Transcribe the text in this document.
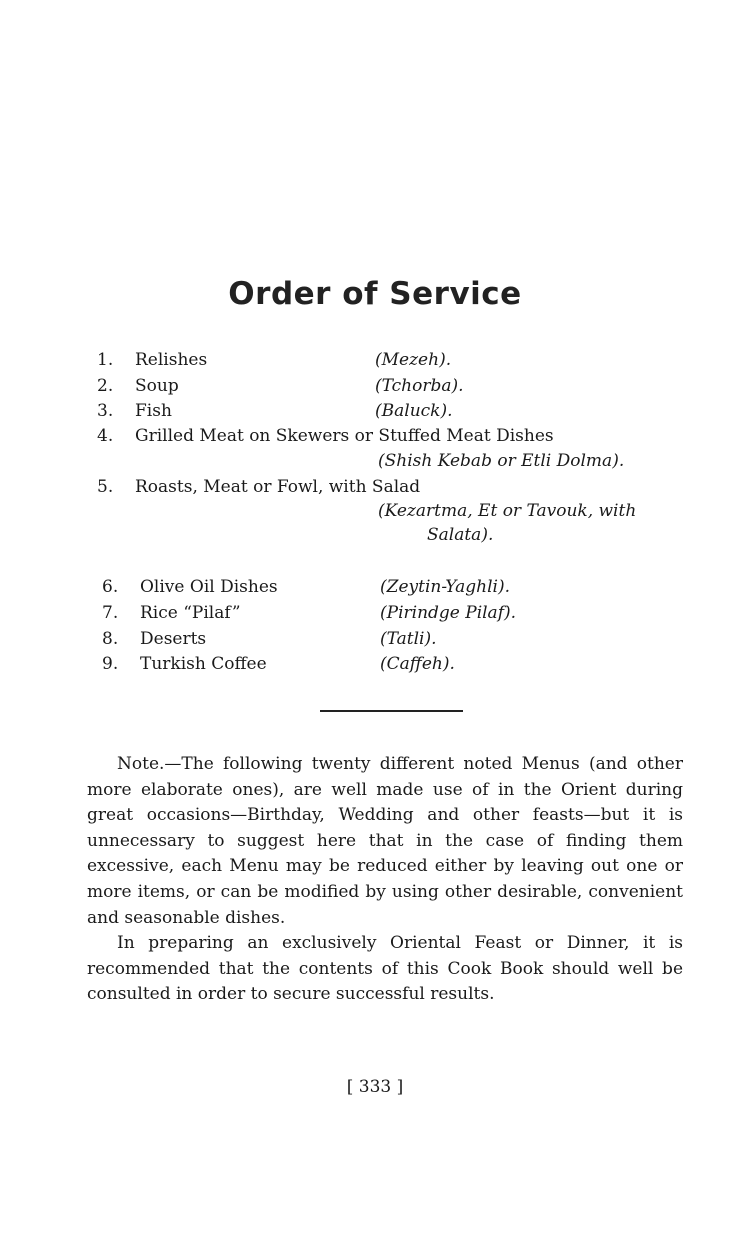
Order of Service
1.	Relishes	(Mezeh).
2.	Soup	(Tchorba).
3.	Fish	(Baluck).
4.	Grilled Meat on Skewers or Stuffed Meat Dishes
(Shish Kebab or Etli Dolma).
5.	Roasts, Meat or Fowl, with Salad
(Kezartma, Et or Tavouk, with
Salata).
6.	Olive Oil Dishes	(Zeytin-Yaghli).
7.	Rice “Pilaf”	(Pirindge Pilaf).
8.	Deserts	(Tatli).
9.	Turkish Coffee	(Caffeh).

Note.—The following twenty different noted Menus (and other more elaborate ones), are well made use of in the Orient during great occasions—Birthday, Wedding and other feasts—but it is unnecessary to suggest here that in the case of finding them excessive, each Menu may be reduced either by leaving out one or more items, or can be modified by using other desirable, convenient and seasonable dishes.

In preparing an exclusively Oriental Feast or Dinner, it is recommended that the contents of this Cook Book should well be consulted in order to secure successful results.

[ 333 ]
